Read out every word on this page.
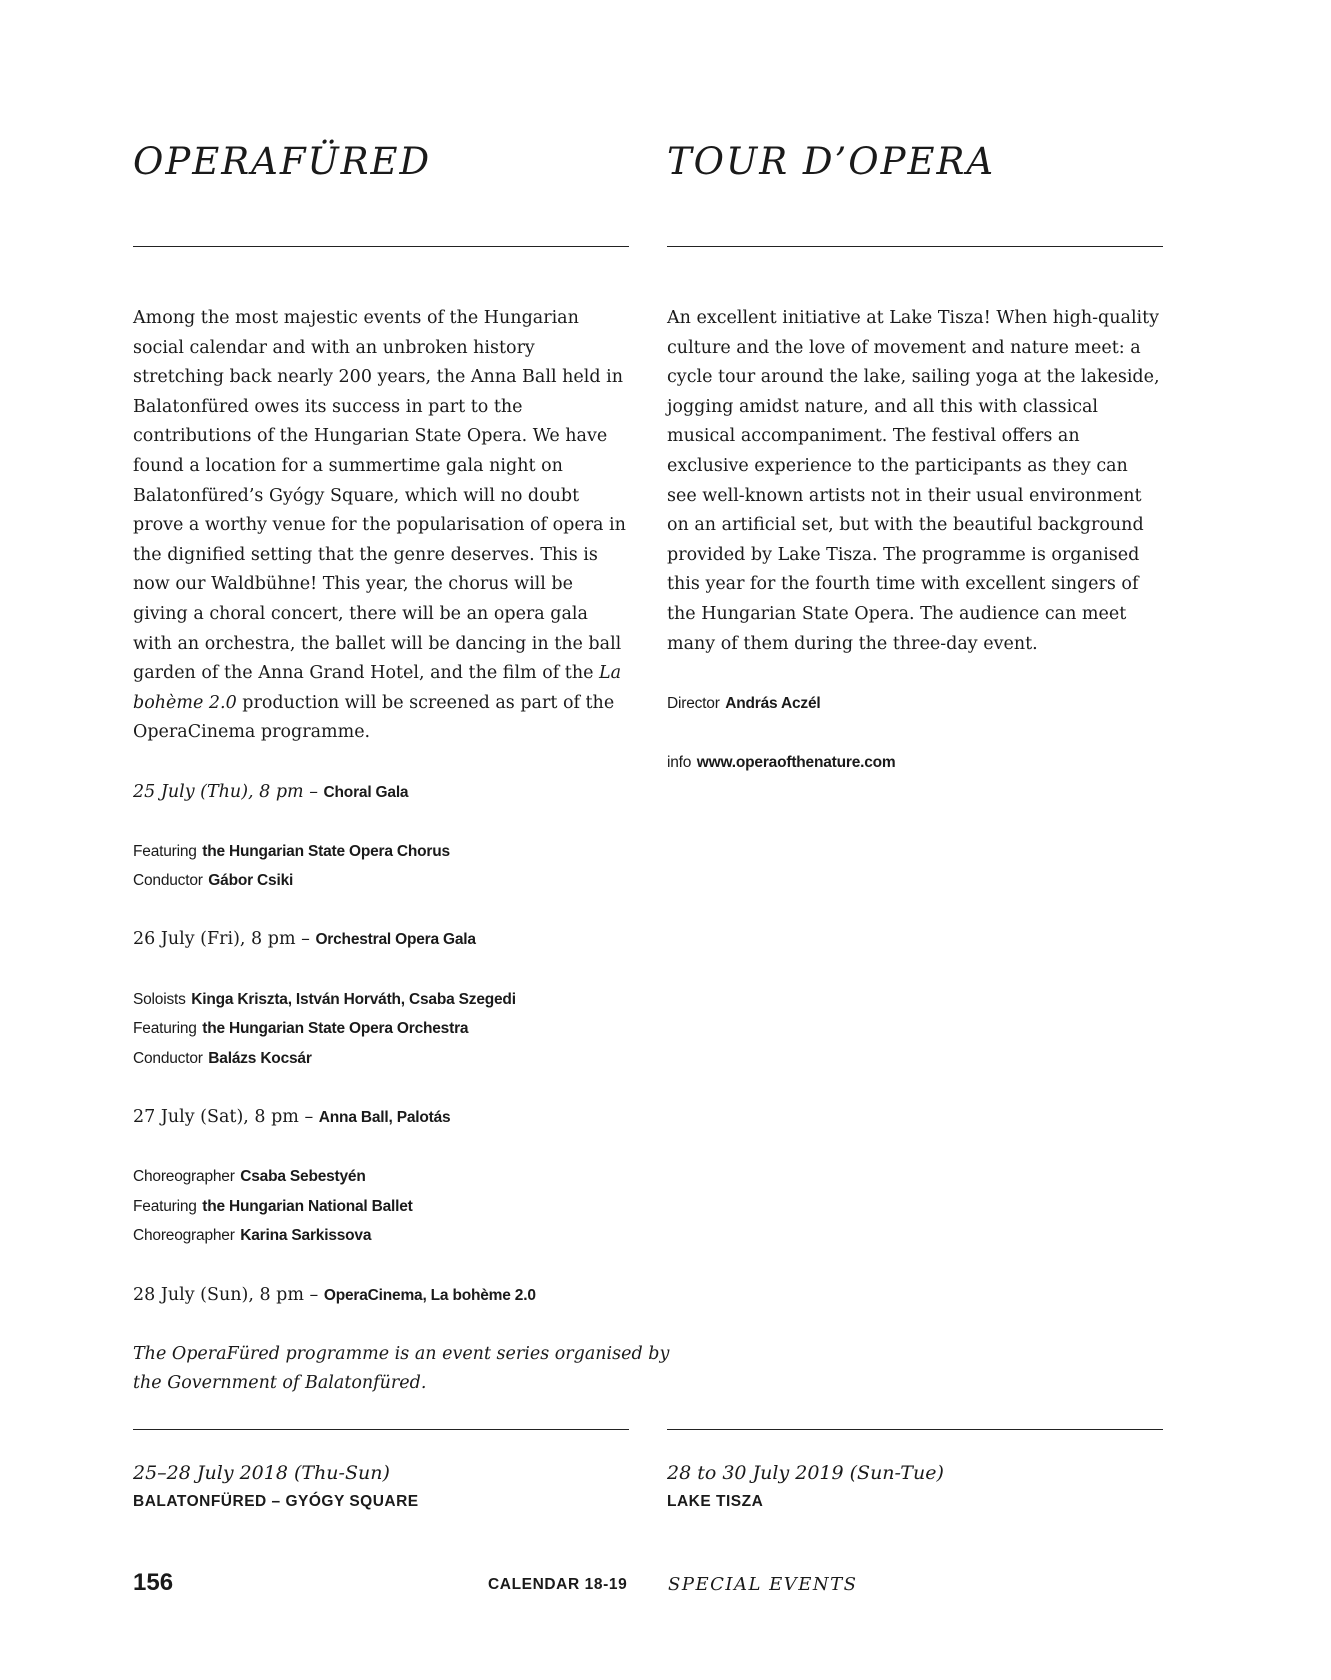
OPERAFÜRED

Among the most majestic events of the Hungarian social calendar and with an unbroken history stretching back nearly 200 years, the Anna Ball held in Balatonfüred owes its success in part to the contributions of the Hungarian State Opera. We have found a location for a summertime gala night on Balatonfüred’s Gyógy Square, which will no doubt prove a worthy venue for the popularisation of opera in the dignified setting that the genre deserves. This is now our Waldbühne! This year, the chorus will be giving a choral concert, there will be an opera gala with an orchestra, the ballet will be dancing in the ball garden of the Anna Grand Hotel, and the film of the La bohème 2.0 production will be screened as part of the OperaCinema programme.

25 July (Thu), 8 pm – Choral Gala
Featuring the Hungarian State Opera Chorus
Conductor Gábor Csiki
26 July (Fri), 8 pm – Orchestral Opera Gala
Soloists Kinga Kriszta, István Horváth, Csaba Szegedi
Featuring the Hungarian State Opera Orchestra
Conductor Balázs Kocsár
27 July (Sat), 8 pm – Anna Ball, Palotás
Choreographer Csaba Sebestyén
Featuring the Hungarian National Ballet
Choreographer Karina Sarkissova
28 July (Sun), 8 pm – OperaCinema, La bohème 2.0
The OperaFüred programme is an event series organised by
the Government of Balatonfüred.
25–28 July 2018 (Thu-Sun)
BALATONFÜRED – GYÓGY SQUARE
TOUR D’OPERA

An excellent initiative at Lake Tisza! When high-quality culture and the love of movement and nature meet: a cycle tour around the lake, sailing yoga at the lakeside, jogging amidst nature, and all this with classical musical accompaniment. The festival offers an exclusive experience to the participants as they can see well-known artists not in their usual environment on an artificial set, but with the beautiful background provided by Lake Tisza. The programme is organised this year for the fourth time with excellent singers of the Hungarian State Opera. The audience can meet many of them during the three-day event.

Director András Aczél
info www.operaofthenature.com
28 to 30 July 2019 (Sun-Tue)
LAKE TISZA
156	CALENDAR 18-19 SPECIAL EVENTS
